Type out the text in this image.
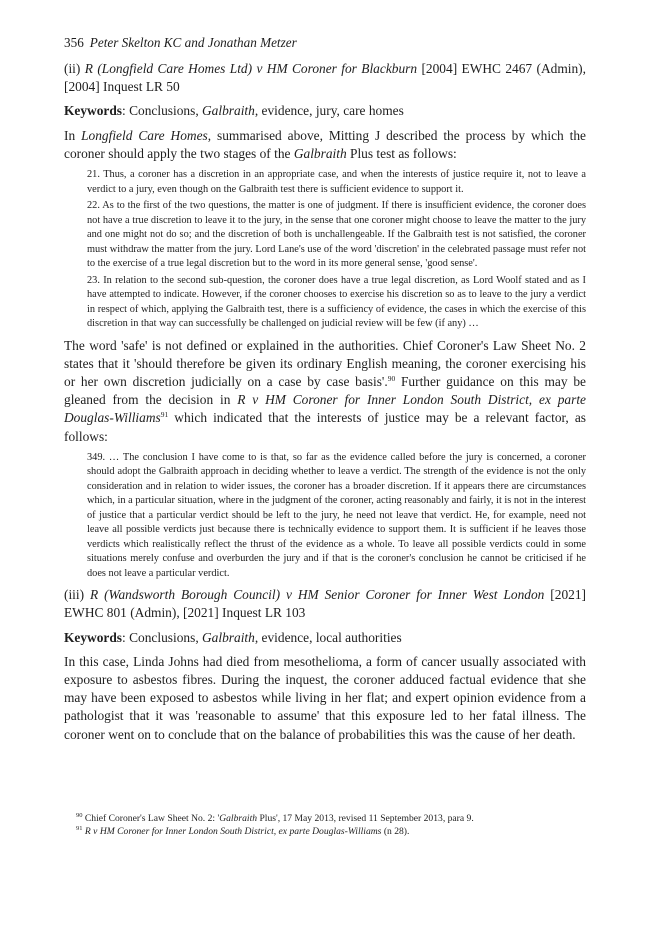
356 Peter Skelton KC and Jonathan Metzer
(ii) R (Longfield Care Homes Ltd) v HM Coroner for Blackburn [2004] EWHC 2467 (Admin), [2004] Inquest LR 50
Keywords: Conclusions, Galbraith, evidence, jury, care homes

In Longfield Care Homes, summarised above, Mitting J described the process by which the coroner should apply the two stages of the Galbraith Plus test as follows:

21. Thus, a coroner has a discretion in an appropriate case, and when the interests of justice require it, not to leave a verdict to a jury, even though on the Galbraith test there is sufficient evidence to support it.

22. As to the first of the two questions, the matter is one of judgment. If there is insufficient evidence, the coroner does not have a true discretion to leave it to the jury, in the sense that one coroner might choose to leave the matter to the jury and one might not do so; and the discretion of both is unchallengeable. If the Galbraith test is not satisfied, the coroner must withdraw the matter from the jury. Lord Lane's use of the word 'discretion' in the celebrated passage must refer not to the exercise of a true legal discretion but to the word in its more general sense, 'good sense'.

23. In relation to the second sub-question, the coroner does have a true legal discretion, as Lord Woolf stated and as I have attempted to indicate. However, if the coroner chooses to exercise his discretion so as to leave to the jury a verdict in respect of which, applying the Galbraith test, there is a sufficiency of evidence, the cases in which the exercise of this discretion in that way can successfully be challenged on judicial review will be few (if any) …

The word 'safe' is not defined or explained in the authorities. Chief Coroner's Law Sheet No. 2 states that it 'should therefore be given its ordinary English meaning, the coroner exercising his or her own discretion judicially on a case by case basis'.$^{90}$ Further guidance on this may be gleaned from the decision in R v HM Coroner for Inner London South District, ex parte Douglas-Williams$^{91}$ which indicated that the interests of justice may be a relevant factor, as follows:

349. … The conclusion I have come to is that, so far as the evidence called before the jury is concerned, a coroner should adopt the Galbraith approach in deciding whether to leave a verdict. The strength of the evidence is not the only consideration and in relation to wider issues, the coroner has a broader discretion. If it appears there are circumstances which, in a particular situation, where in the judgment of the coroner, acting reasonably and fairly, it is not in the interest of justice that a particular verdict should be left to the jury, he need not leave that verdict. He, for example, need not leave all possible verdicts just because there is technically evidence to support them. It is sufficient if he leaves those verdicts which realistically reflect the thrust of the evidence as a whole. To leave all possible verdicts could in some situations merely confuse and overburden the jury and if that is the coroner's conclusion he cannot be criticised if he does not leave a particular verdict.

(iii) R (Wandsworth Borough Council) v HM Senior Coroner for Inner West London [2021] EWHC 801 (Admin), [2021] Inquest LR 103
Keywords: Conclusions, Galbraith, evidence, local authorities

In this case, Linda Johns had died from mesothelioma, a form of cancer usually associated with exposure to asbestos fibres. During the inquest, the coroner adduced factual evidence that she may have been exposed to asbestos while living in her flat; and expert opinion evidence from a pathologist that it was 'reasonable to assume' that this exposure led to her fatal illness. The coroner went on to conclude that on the balance of probabilities this was the cause of her death.

$^{90}$ Chief Coroner's Law Sheet No. 2: 'Galbraith Plus', 17 May 2013, revised 11 September 2013, para 9.
$^{91}$ R v HM Coroner for Inner London South District, ex parte Douglas-Williams (n 28).
